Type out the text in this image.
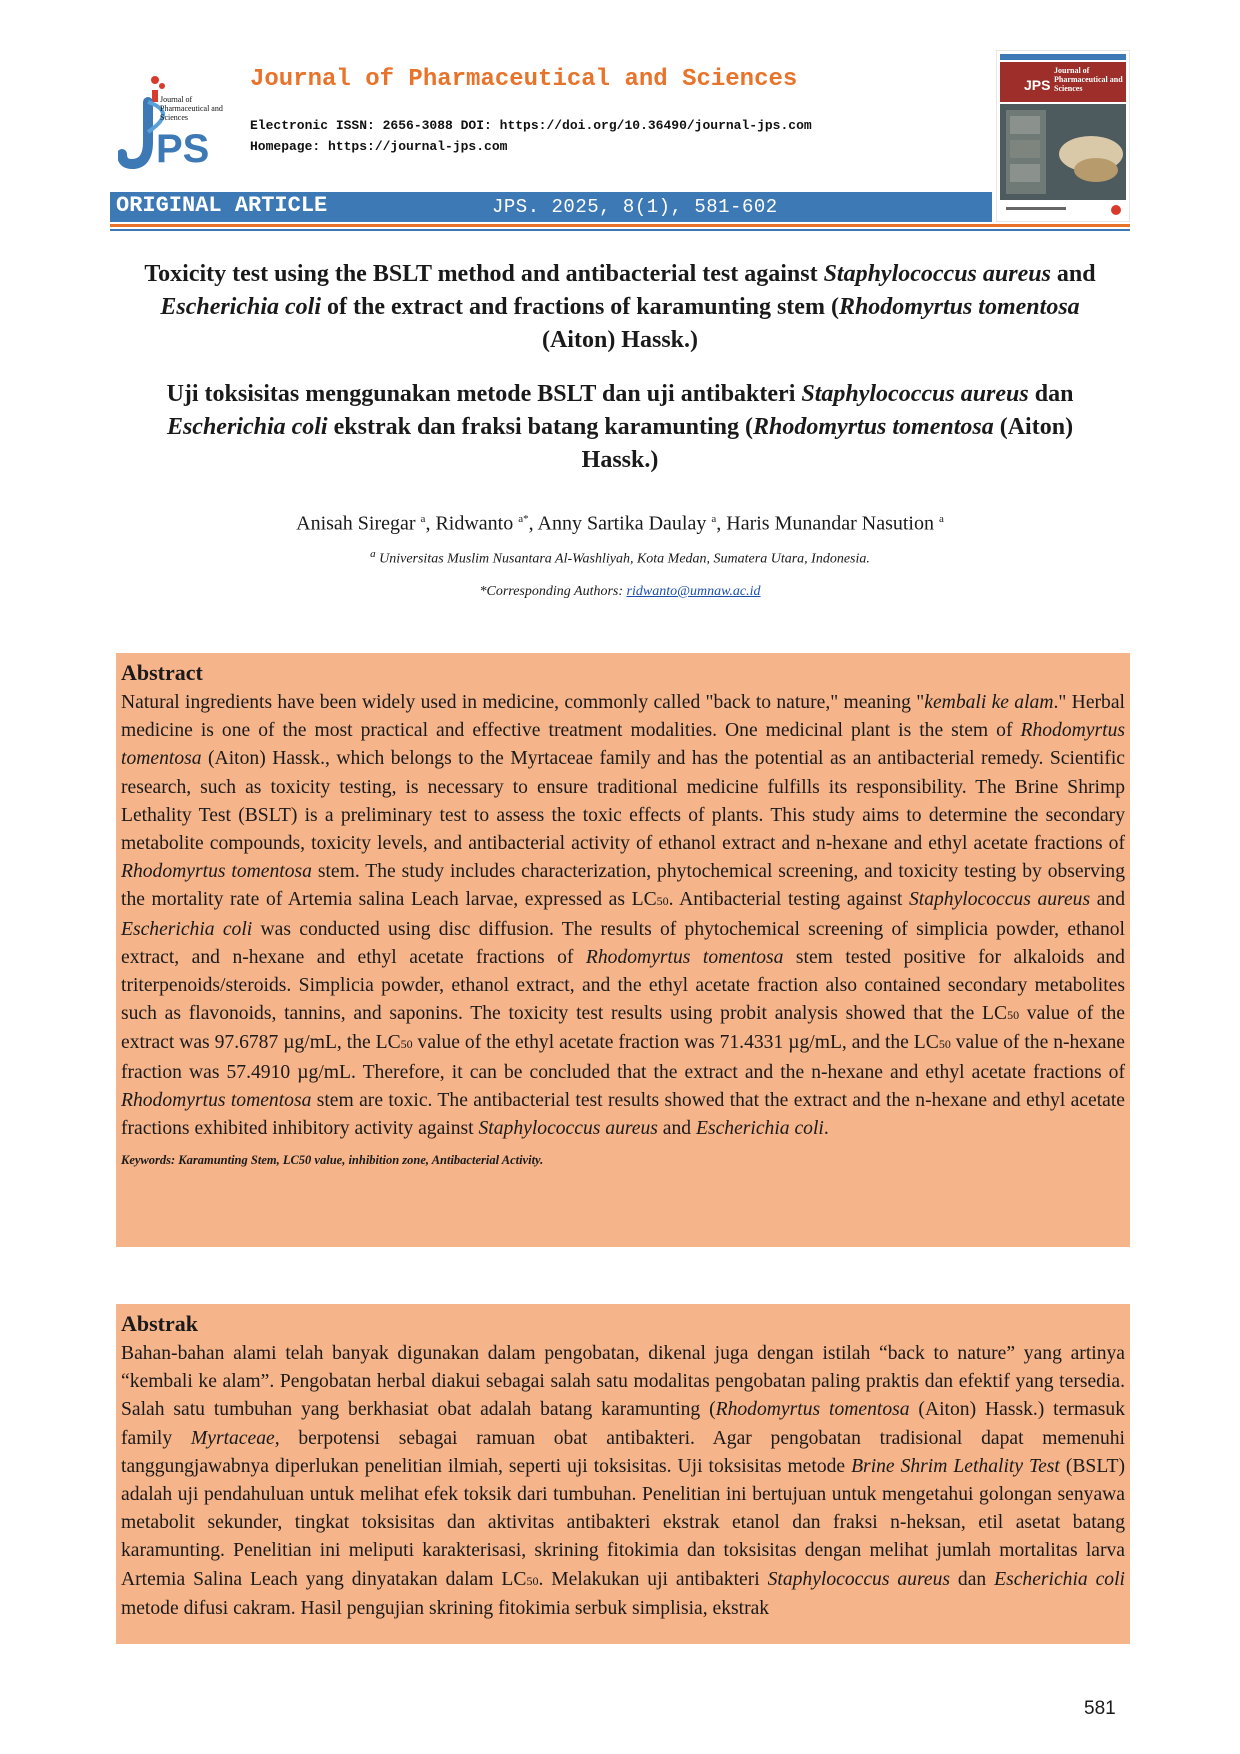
Journal of
Pharmaceutical and
Sciences
PS

Journal of Pharmaceutical and Sciences

Electronic ISSN: 2656-3088 DOI: https://doi.org/10.36490/journal-jps.com

Homepage: https://journal-jps.com

JPS
Journal of Pharmaceutical and Sciences

ORIGINAL ARTICLE	JPS. 2025, 8(1), 581-602

Toxicity test using the BSLT method and antibacterial test against Staphylococcus aureus and Escherichia coli of the extract and fractions of karamunting stem (Rhodomyrtus tomentosa (Aiton) Hassk.)
Uji toksisitas menggunakan metode BSLT dan uji antibakteri Staphylococcus aureus dan Escherichia coli ekstrak dan fraksi batang karamunting (Rhodomyrtus tomentosa (Aiton) Hassk.)

Anisah Siregar $^a$, Ridwanto $^{a*}$, Anny Sartika Daulay $^a$, Haris Munandar Nasution $^a$

$^a$ Universitas Muslim Nusantara Al-Washliyah, Kota Medan, Sumatera Utara, Indonesia.

*Corresponding Authors: ridwanto@umnaw.ac.id

Abstract

Natural ingredients have been widely used in medicine, commonly called "back to nature," meaning "kembali ke alam." Herbal medicine is one of the most practical and effective treatment modalities. One medicinal plant is the stem of Rhodomyrtus tomentosa (Aiton) Hassk., which belongs to the Myrtaceae family and has the potential as an antibacterial remedy. Scientific research, such as toxicity testing, is necessary to ensure traditional medicine fulfills its responsibility. The Brine Shrimp Lethality Test (BSLT) is a preliminary test to assess the toxic effects of plants. This study aims to determine the secondary metabolite compounds, toxicity levels, and antibacterial activity of ethanol extract and n-hexane and ethyl acetate fractions of Rhodomyrtus tomentosa stem. The study includes characterization, phytochemical screening, and toxicity testing by observing the mortality rate of Artemia salina Leach larvae, expressed as LC50. Antibacterial testing against Staphylococcus aureus and Escherichia coli was conducted using disc diffusion. The results of phytochemical screening of simplicia powder, ethanol extract, and n-hexane and ethyl acetate fractions of Rhodomyrtus tomentosa stem tested positive for alkaloids and triterpenoids/steroids. Simplicia powder, ethanol extract, and the ethyl acetate fraction also contained secondary metabolites such as flavonoids, tannins, and saponins. The toxicity test results using probit analysis showed that the LC50 value of the extract was 97.6787 µg/mL, the LC50 value of the ethyl acetate fraction was 71.4331 µg/mL, and the LC50 value of the n-hexane fraction was 57.4910 µg/mL. Therefore, it can be concluded that the extract and the n-hexane and ethyl acetate fractions of Rhodomyrtus tomentosa stem are toxic. The antibacterial test results showed that the extract and the n-hexane and ethyl acetate fractions exhibited inhibitory activity against Staphylococcus aureus and Escherichia coli.

Keywords: Karamunting Stem, LC50 value, inhibition zone, Antibacterial Activity.
Abstrak

Bahan-bahan alami telah banyak digunakan dalam pengobatan, dikenal juga dengan istilah “back to nature” yang artinya “kembali ke alam”. Pengobatan herbal diakui sebagai salah satu modalitas pengobatan paling praktis dan efektif yang tersedia. Salah satu tumbuhan yang berkhasiat obat adalah batang karamunting (Rhodomyrtus tomentosa (Aiton) Hassk.) termasuk family Myrtaceae, berpotensi sebagai ramuan obat antibakteri. Agar pengobatan tradisional dapat memenuhi tanggungjawabnya diperlukan penelitian ilmiah, seperti uji toksisitas. Uji toksisitas metode Brine Shrim Lethality Test (BSLT) adalah uji pendahuluan untuk melihat efek toksik dari tumbuhan. Penelitian ini bertujuan untuk mengetahui golongan senyawa metabolit sekunder, tingkat toksisitas dan aktivitas antibakteri ekstrak etanol dan fraksi n-heksan, etil asetat batang karamunting. Penelitian ini meliputi karakterisasi, skrining fitokimia dan toksisitas dengan melihat jumlah mortalitas larva Artemia Salina Leach yang dinyatakan dalam LC50. Melakukan uji antibakteri Staphylococcus aureus dan Escherichia coli metode difusi cakram. Hasil pengujian skrining fitokimia serbuk simplisia, ekstrak

581
